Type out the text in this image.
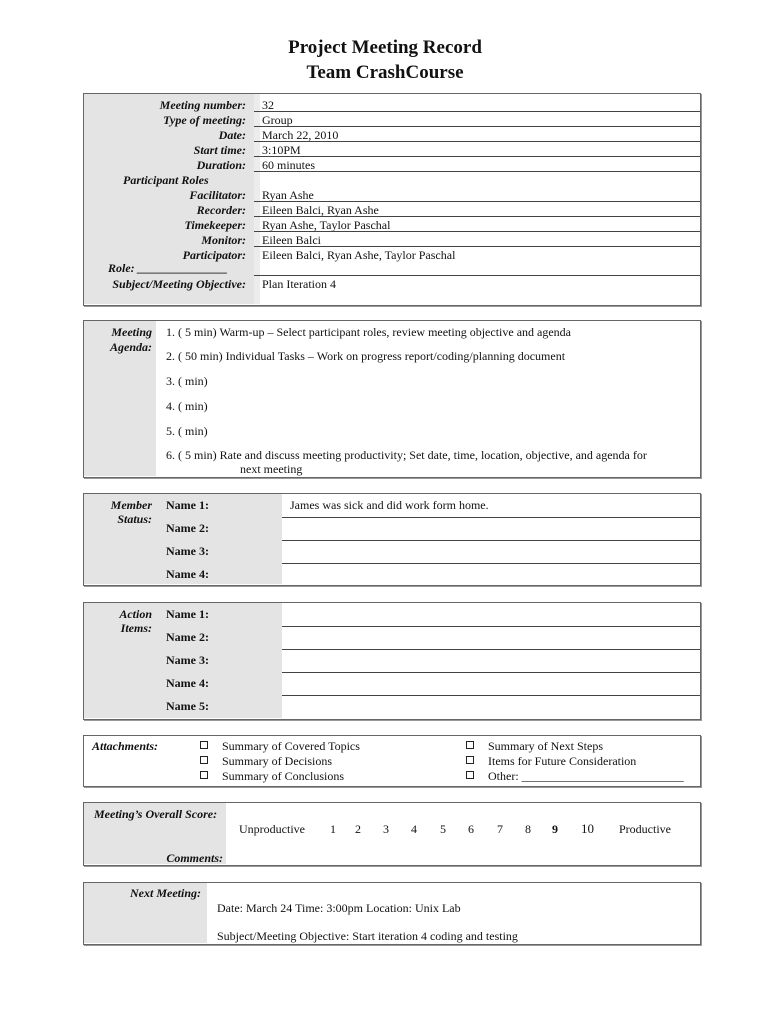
Project Meeting Record
Team CrashCourse
Meeting number:
Type of meeting:
Date:
Start time:
Duration:
Participant Roles
Facilitator:
Recorder:
Timekeeper:
Monitor:
Participator:
Role: _______________
Subject/Meeting Objective:
32
Group
March 22, 2010
3:10PM
60 minutes
Ryan Ashe
Eileen Balci, Ryan Ashe
Ryan Ashe, Taylor Paschal
Eileen Balci
Eileen Balci, Ryan Ashe, Taylor Paschal
Plan Iteration 4
Meeting
Agenda:
1. ( 5 min) Warm-up – Select participant roles, review meeting objective and agenda
2. ( 50 min) Individual Tasks – Work on progress report/coding/planning document
3. ( min)
4. ( min)
5. ( min)
6. ( 5 min) Rate and discuss meeting productivity; Set date, time, location, objective, and agenda for
next meeting
Member
Status:
Name 1:
Name 2:
Name 3:
Name 4:
James was sick and did work form home.
Action
Items:
Name 1:
Name 2:
Name 3:
Name 4:
Name 5:
Attachments:	Summary of Covered Topics
Summary of Decisions
Summary of Conclusions
Summary of Next Steps
Items for Future Consideration
Other: ___________________________
Meeting’s Overall Score:
Comments:
Unproductive 1 2 3 4 5 6 7 8 9 10 Productive
Next Meeting:
Date: March 24 Time: 3:00pm Location: Unix Lab
Subject/Meeting Objective: Start iteration 4 coding and testing
